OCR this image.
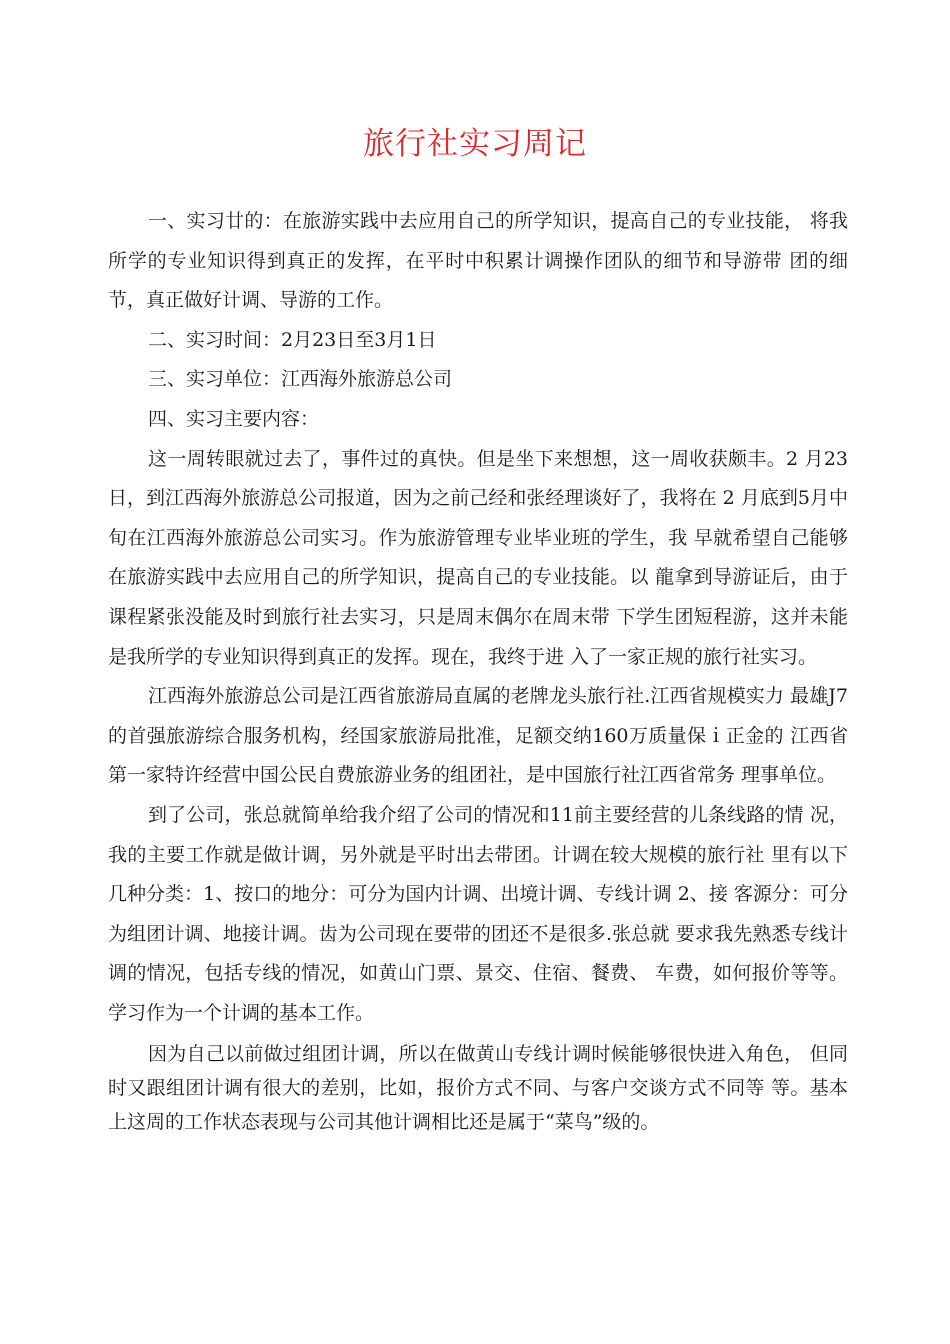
旅行社实习周记

一、实习廿的：在旅游实践中去应用自己的所学知识，提高自己的专业技能， 将我所学的专业知识得到真正的发挥，在平时中积累计调操作团队的细节和导游带 团的细节，真正做好计调、导游的工作。

二、实习时间：2月23日至3月1日

三、实习单位：江西海外旅游总公司

四、实习主要内容：

这一周转眼就过去了，事件过的真快。但是坐下来想想，这一周收获颇丰。2 月23日，到江西海外旅游总公司报道，因为之前己经和张经理谈好了，我将在 2 月底到5月中旬在江西海外旅游总公司实习。作为旅游管理专业毕业班的学生，我 早就希望自己能够在旅游实践中去应用自己的所学知识，提高自己的专业技能。以 龍拿到导游证后，由于课程紧张没能及时到旅行社去实习，只是周末偶尔在周末带 下学生团短程游，这并未能是我所学的专业知识得到真正的发挥。现在，我终于进 入了一家正规的旅行社实习。

江西海外旅游总公司是江西省旅游局直属的老牌龙头旅行社.江西省规模实力 最雄J7的首强旅游综合服务机构，经国家旅游局批准，足额交纳160万质量保ｉ正金的 江西省第一家特许经营中国公民自费旅游业务的组团社，是中国旅行社江西省常务 理事单位。

到了公司，张总就简单给我介绍了公司的情况和11前主要经营的儿条线路的情 况，我的主要工作就是做计调，另外就是平时出去带团。计调在较大规模的旅行社 里有以下几种分类：1、按口的地分：可分为国内计调、出境计调、专线计调 2、接 客源分：可分为组团计调、地接计调。齿为公司现在要带的团还不是很多.张总就 要求我先熟悉专线计调的情况，包括专线的情况，如黄山门票、景交、住宿、餐费、 车费，如何报价等等。学习作为一个计调的基本工作。

因为自己以前做过组团计调，所以在做黄山专线计调时候能够很快进入角色， 但同时又跟组团计调有很大的差别，比如，报价方式不同、与客户交谈方式不同等 等。基本上这周的工作状态表现与公司其他计调相比还是属于“菜鸟”级的。
